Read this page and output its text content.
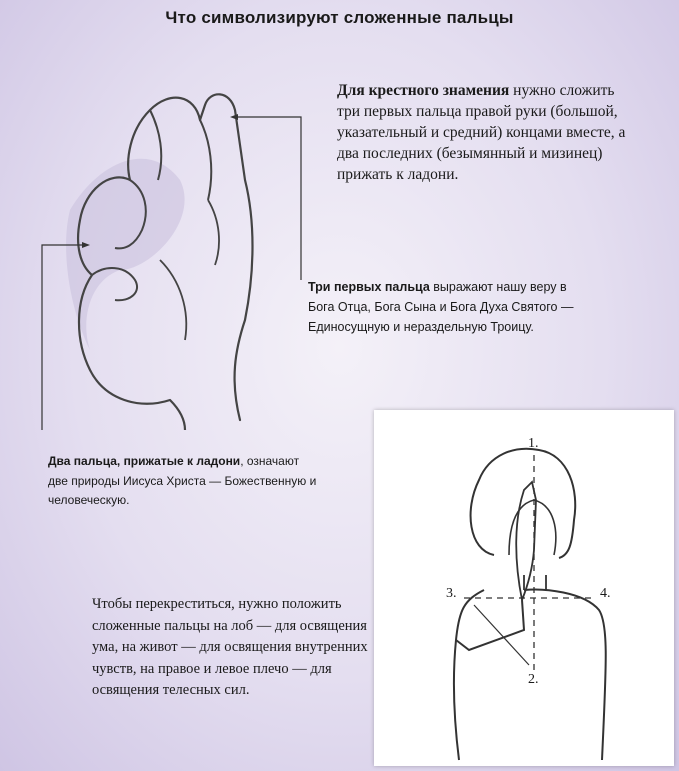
Что символизируют сложенные пальцы
Для крестного знамения нужно сложить три первых пальца правой руки (большой, указательный и средний) концами вместе, а два последних (безымянный и мизинец) прижать к ладони.
Три первых пальца выражают нашу веру в Бога Отца, Бога Сына и Бога Духа Святого — Единосущную и нераздельную Троицу.
Два пальца, прижатые к ладони, означают две природы Иисуса Христа — Божественную и человеческую.
Чтобы перекреститься, нужно положить сложенные пальцы на лоб — для освящения ума, на живот — для освящения внутренних чувств, на правое и левое плечо — для освящения телесных сил.
1.
2.
3.	4.
